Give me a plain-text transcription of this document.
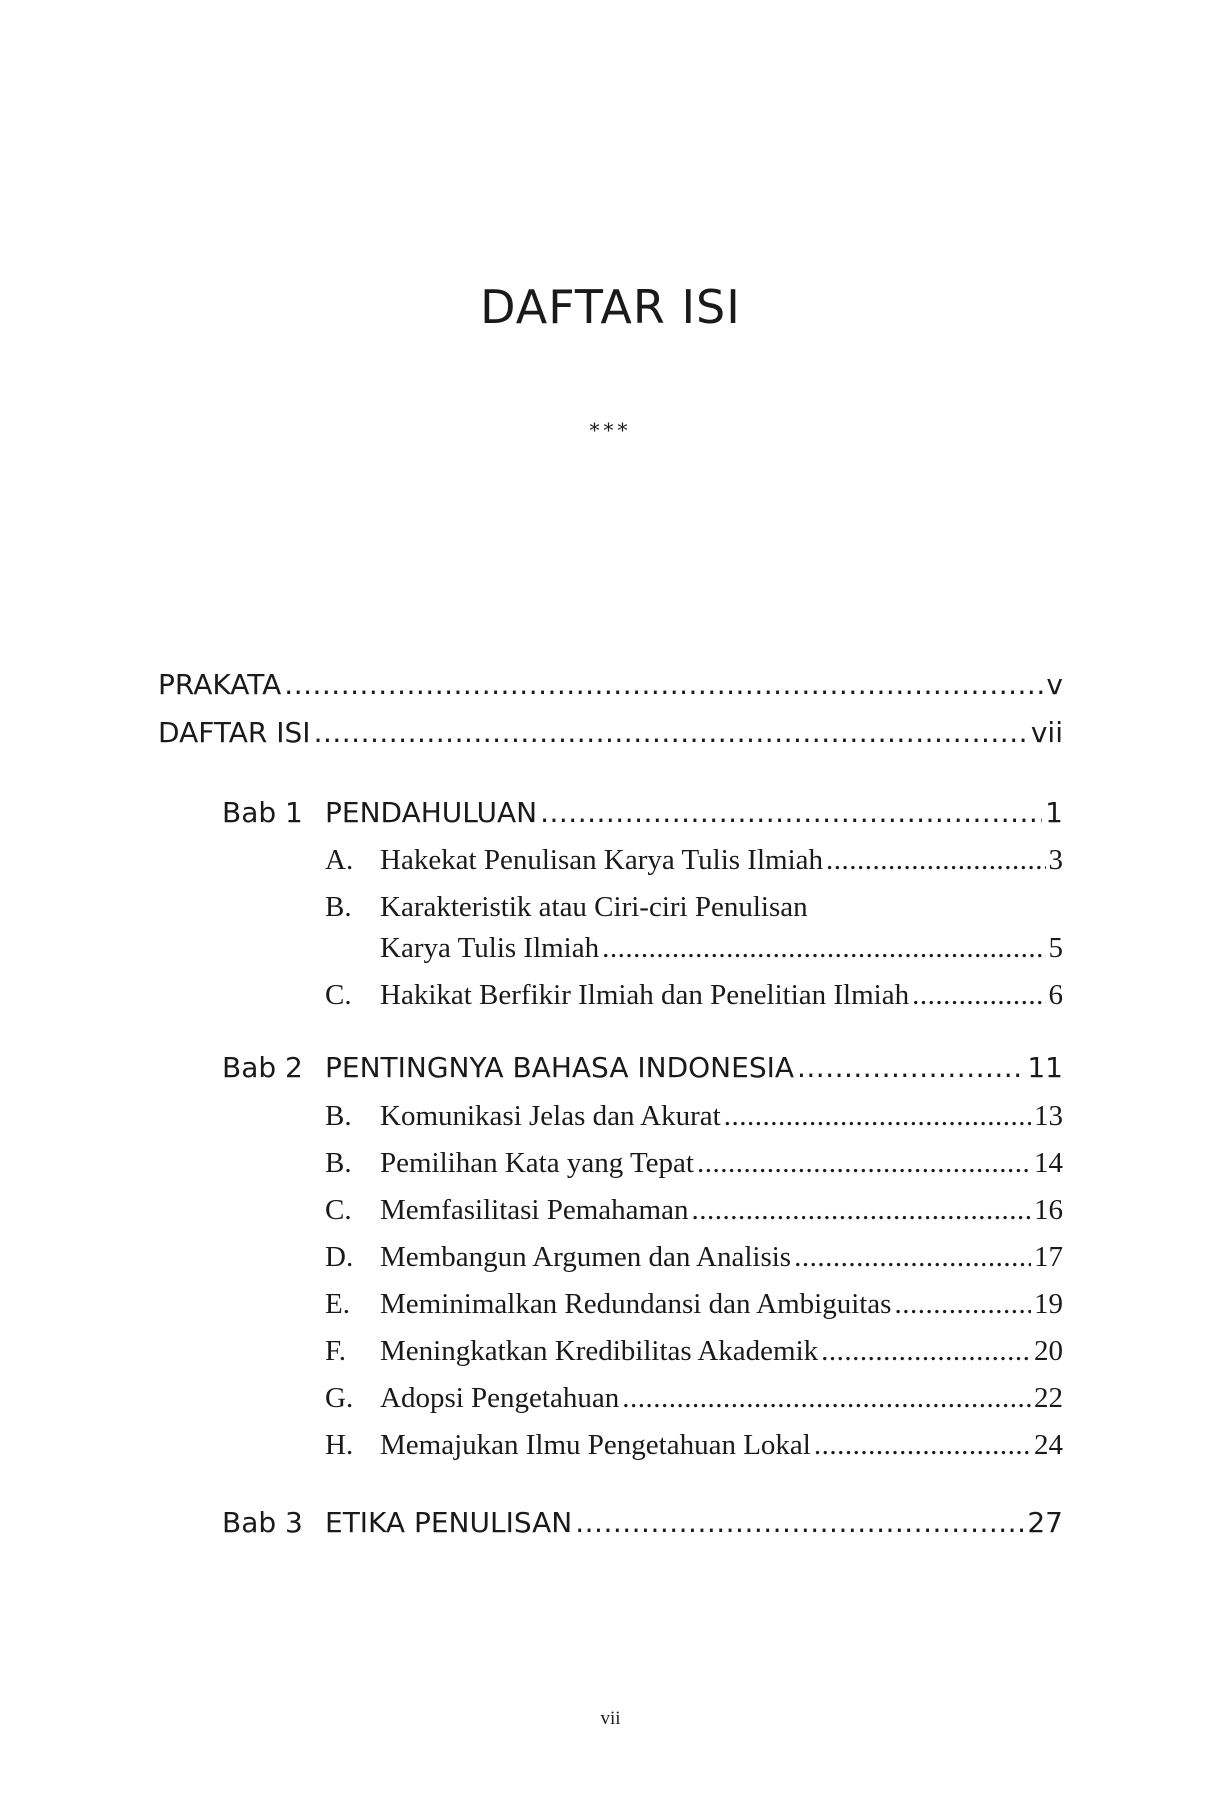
DAFTAR ISI
***
PRAKATA .....	v
DAFTAR ISI .....	vii
Bab 1 PENDAHULUAN .....	1
A. Hakekat Penulisan Karya Tulis Ilmiah .....	3
B. Karakteristik atau Ciri-ciri Penulisan
Karya Tulis Ilmiah .....	5
C. Hakikat Berfikir Ilmiah dan Penelitian Ilmiah .....	6
Bab 2 PENTINGNYA BAHASA INDONESIA .....	11
B. Komunikasi Jelas dan Akurat .....	13
B. Pemilihan Kata yang Tepat .....	14
C. Memfasilitasi Pemahaman .....	16
D. Membangun Argumen dan Analisis .....	17
E. Meminimalkan Redundansi dan Ambiguitas .....	19
F. Meningkatkan Kredibilitas Akademik .....	20
G. Adopsi Pengetahuan .....	22
H. Memajukan Ilmu Pengetahuan Lokal .....	24
Bab 3 ETIKA PENULISAN .....	27
vii
